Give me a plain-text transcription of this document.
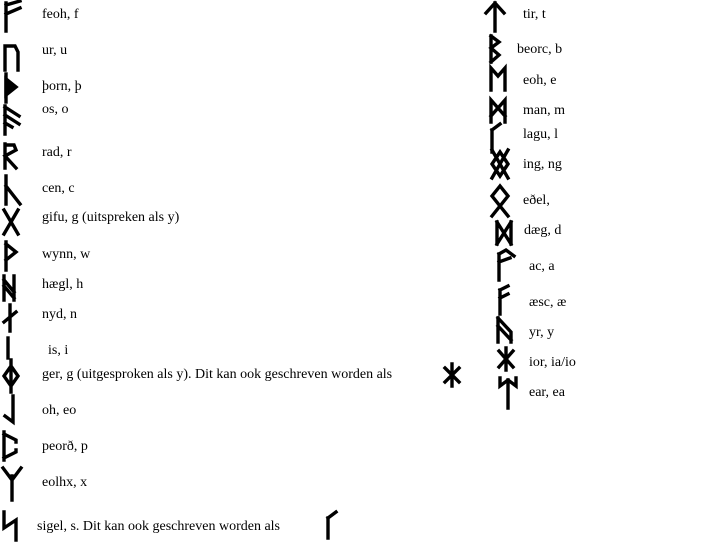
feoh, f
ur, u
þorn, þ
os, o
rad, r
cen, c
gifu, g (uitspreken als y)
wynn, w
hægl, h
nyd, n
is, i
ger, g (uitgesproken als y). Dit kan ook geschreven worden als
oh, eo
peorð, p
eolhx, x
sigel, s. Dit kan ook geschreven worden als
tir, t
beorc, b
eoh, e
man, m
lagu, l
ing, ng
eðel,
dæg, d
ac, a
æsc, æ
yr, y
ior, ia/io
ear, ea
